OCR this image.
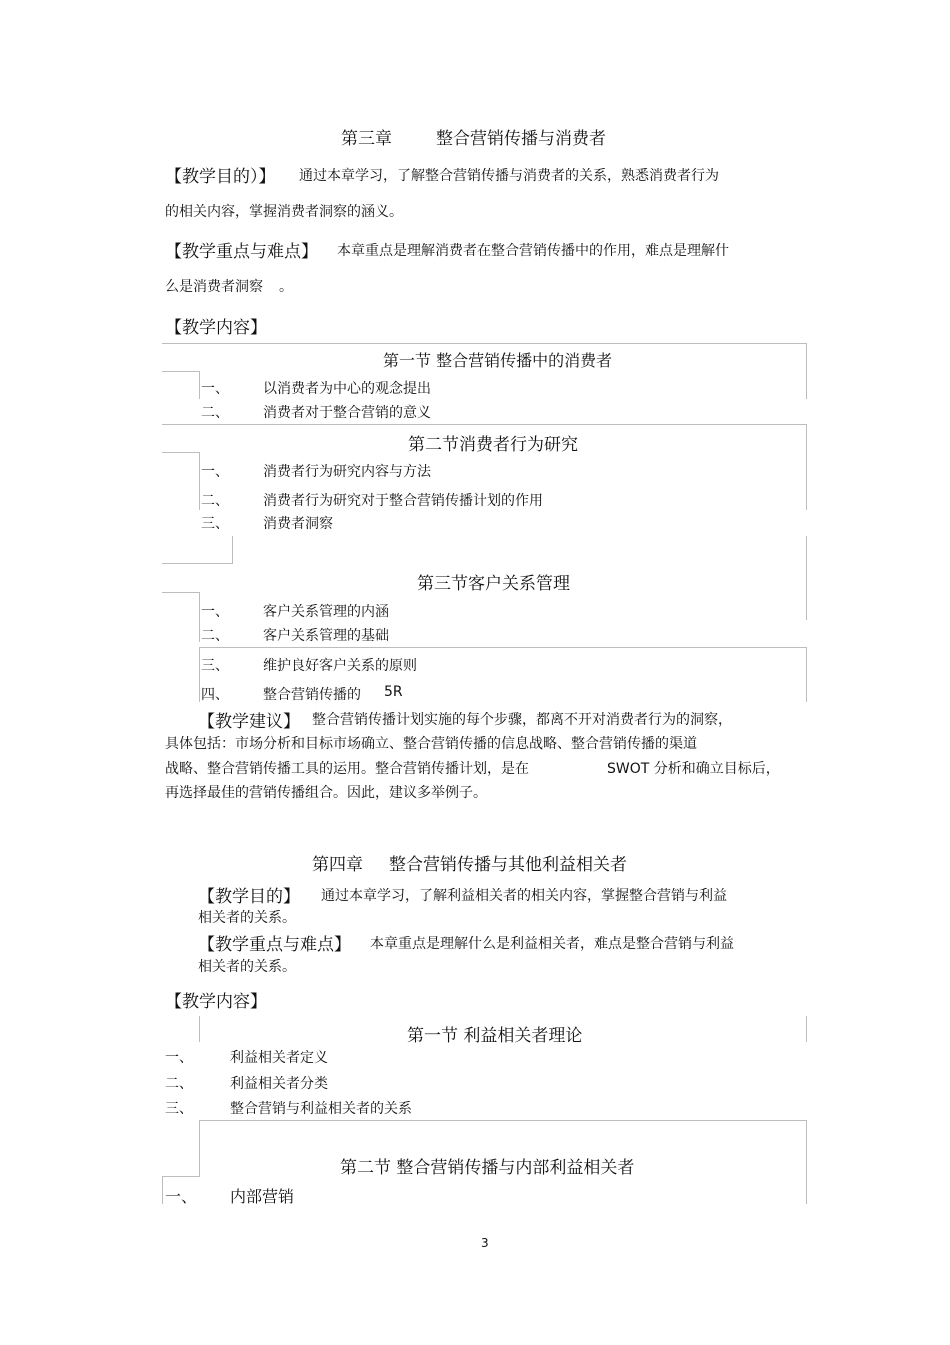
第三章	整合营销传播与消费者
【教学目的）】 通过本章学习，了解整合营销传播与消费者的关系，熟悉消费者行为
的相关内容，掌握消费者洞察的涵义。
【教学重点与难点】 本章重点是理解消费者在整合营销传播中的作用，难点是理解什
么是消费者洞察 。
【教学内容】
第一节 整合营销传播中的消费者
一、 以消费者为中心的观念提出
二、 消费者对于整合营销的意义
第二节消费者行为研究
一、 消费者行为研究内容与方法
二、 消费者行为研究对于整合营销传播计划的作用
三、 消费者洞察
第三节客户关系管理
一、 客户关系管理的内涵
二、 客户关系管理的基础
三、 维护良好客户关系的原则
四、 整合营销传播的 5R
【教学建议】 整合营销传播计划实施的每个步骤，都离不开对消费者行为的洞察，
具体包括：市场分析和目标市场确立、整合营销传播的信息战略、整合营销传播的渠道
战略、整合营销传播工具的运用。整合营销传播计划，是在	SWOT 分析和确立目标后，
再选择最佳的营销传播组合。因此，建议多举例子。
第四章 整合营销传播与其他利益相关者
【教学目的】 通过本章学习，了解利益相关者的相关内容，掌握整合营销与利益
相关者的关系。
【教学重点与难点】 本章重点是理解什么是利益相关者，难点是整合营销与利益
相关者的关系。
【教学内容】
第一节 利益相关者理论
一、	利益相关者定义
二、	利益相关者分类
三、	整合营销与利益相关者的关系
第二节 整合营销传播与内部利益相关者
一、 内部营销
3
